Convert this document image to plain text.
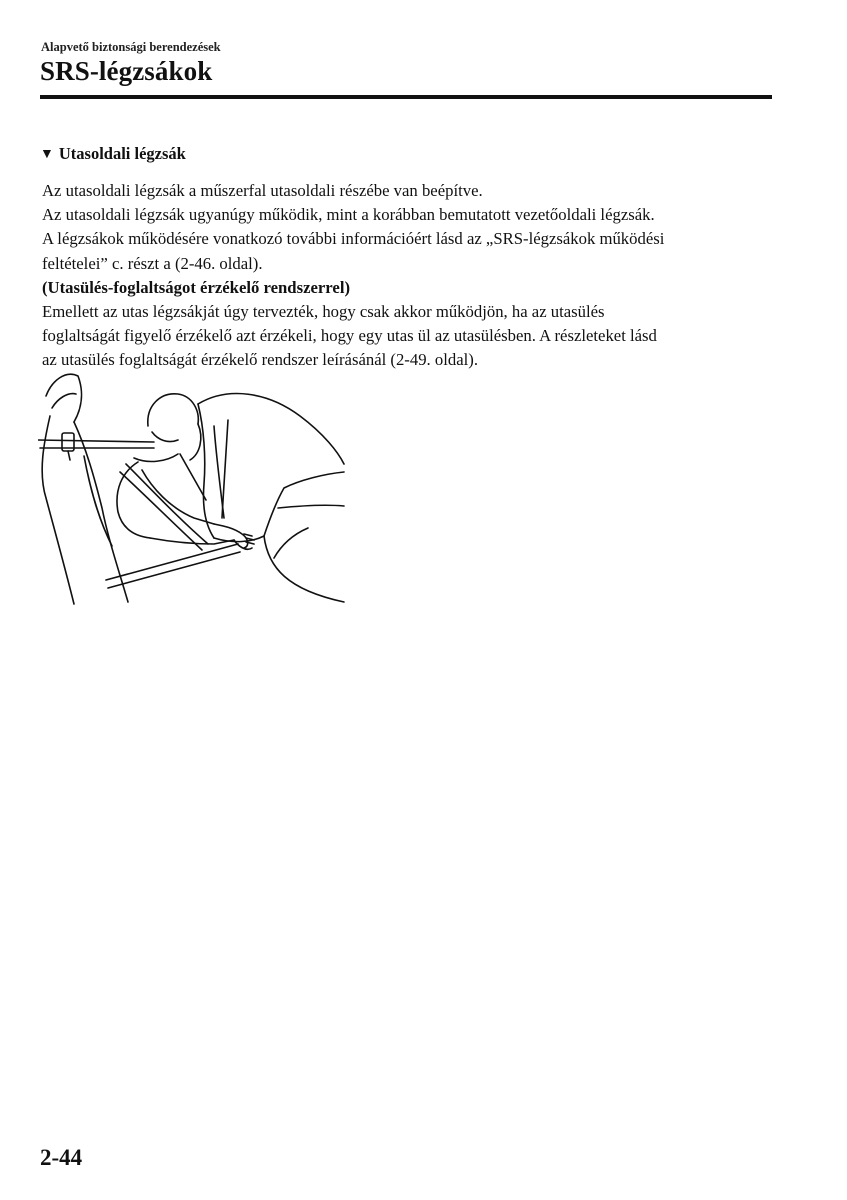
Alapvető biztonsági berendezések
SRS-légzsákok
▼ Utasoldali légzsák
Az utasoldali légzsák a műszerfal utasoldali részébe van beépítve.
Az utasoldali légzsák ugyanúgy működik, mint a korábban bemutatott vezetőoldali légzsák.
A légzsákok működésére vonatkozó további információért lásd az „SRS-légzsákok működési
feltételei” c. részt a (2-46. oldal).
(Utasülés-foglaltságot érzékelő rendszerrel)
Emellett az utas légzsákját úgy tervezték, hogy csak akkor működjön, ha az utasülés
foglaltságát figyelő érzékelő azt érzékeli, hogy egy utas ül az utasülésben. A részleteket lásd
az utasülés foglaltságát érzékelő rendszer leírásánál (2-49. oldal).
2-44
